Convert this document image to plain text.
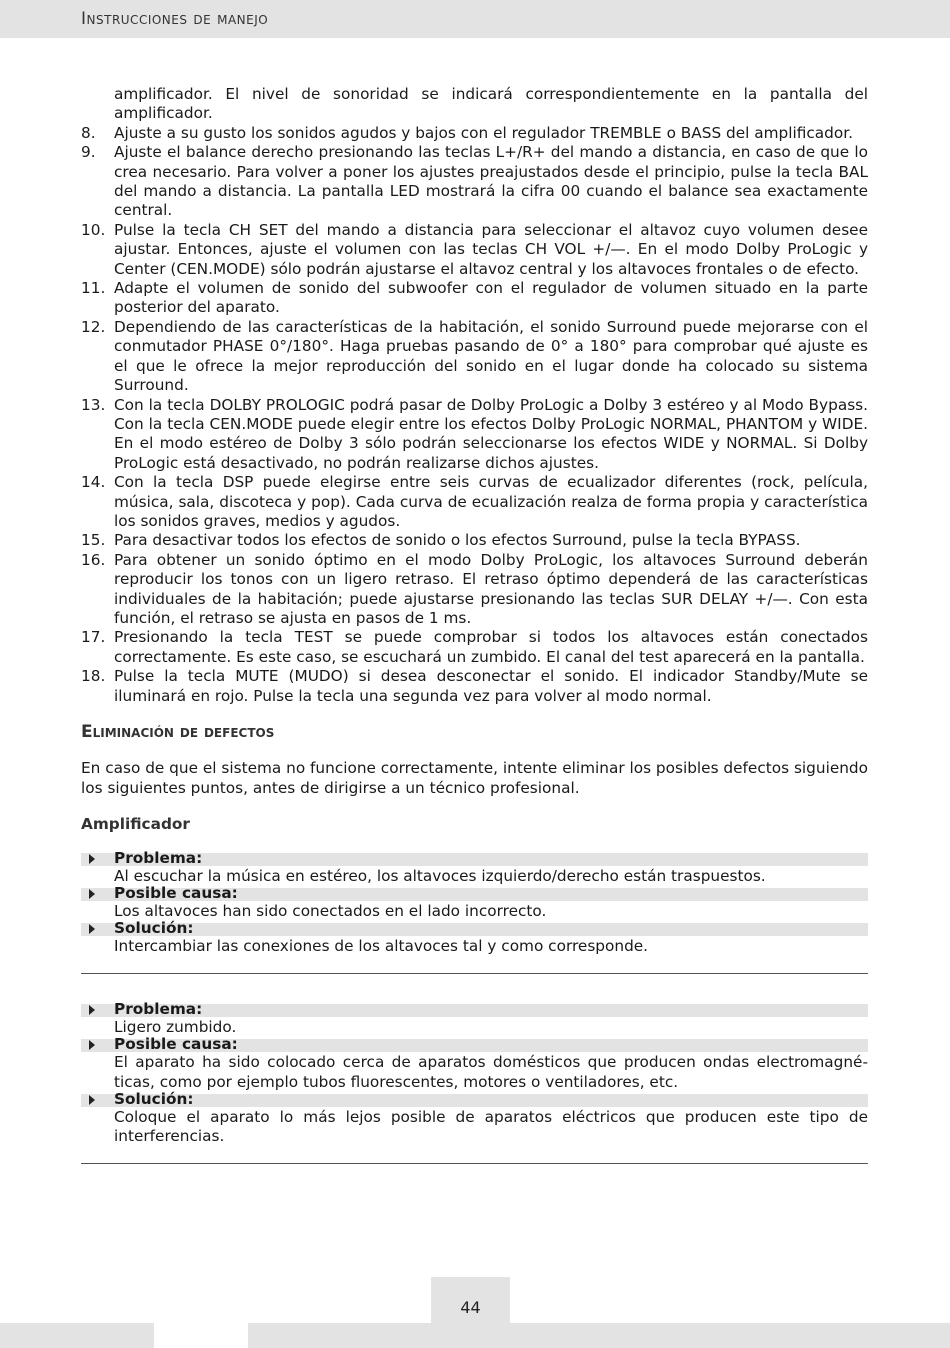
Instrucciones de manejo
amplificador. El nivel de sonoridad se indicará correspondientemente en la pantalla del amplificador.
8. Ajuste a su gusto los sonidos agudos y bajos con el regulador TREMBLE o BASS del amplificador.
9. Ajuste el balance derecho presionando las teclas L+/R+ del mando a distancia, en caso de que lo crea necesario. Para volver a poner los ajustes preajustados desde el principio, pulse la tecla BAL del mando a distancia. La pantalla LED mostrará la cifra 00 cuando el balance sea exactamente central.
10. Pulse la tecla CH SET del mando a distancia para seleccionar el altavoz cuyo volumen desee ajustar. Entonces, ajuste el volumen con las teclas CH VOL +/—. En el modo Dolby ProLogic y Center (CEN.MODE) sólo podrán ajustarse el altavoz central y los altavoces frontales o de efecto.
11. Adapte el volumen de sonido del subwoofer con el regulador de volumen situado en la parte posterior del aparato.
12. Dependiendo de las características de la habitación, el sonido Surround puede mejorarse con el conmutador PHASE 0°/180°. Haga pruebas pasando de 0° a 180° para comprobar qué ajuste es el que le ofrece la mejor reproducción del sonido en el lugar donde ha colocado su sistema Surround.
13. Con la tecla DOLBY PROLOGIC podrá pasar de Dolby ProLogic a Dolby 3 estéreo y al Modo Bypass. Con la tecla CEN.MODE puede elegir entre los efectos Dolby ProLogic NORMAL, PHANTOM y WIDE. En el modo estéreo de Dolby 3 sólo podrán seleccionarse los efectos WIDE y NORMAL. Si Dolby ProLogic está desactivado, no podrán realizarse dichos ajustes.
14. Con la tecla DSP puede elegirse entre seis curvas de ecualizador diferentes (rock, película, música, sala, discoteca y pop). Cada curva de ecualización realza de forma propia y característica los sonidos graves, medios y agudos.
15. Para desactivar todos los efectos de sonido o los efectos Surround, pulse la tecla BYPASS.
16. Para obtener un sonido óptimo en el modo Dolby ProLogic, los altavoces Surround deberán reproducir los tonos con un ligero retraso. El retraso óptimo dependerá de las características individuales de la habitación; puede ajustarse presionando las teclas SUR DELAY +/—. Con esta función, el retraso se ajusta en pasos de 1 ms.
17. Presionando la tecla TEST se puede comprobar si todos los altavoces están conectados correctamente. Es este caso, se escuchará un zumbido. El canal del test aparecerá en la pantalla.
18. Pulse la tecla MUTE (MUDO) si desea desconectar el sonido. El indicador Standby/Mute se iluminará en rojo. Pulse la tecla una segunda vez para volver al modo normal.
Eliminación de defectos
En caso de que el sistema no funcione correctamente, intente eliminar los posibles defectos siguiendo los siguientes puntos, antes de dirigirse a un técnico profesional.
Amplificador
Problema:
Al escuchar la música en estéreo, los altavoces izquierdo/derecho están traspuestos.
Posible causa:
Los altavoces han sido conectados en el lado incorrecto.
Solución:
Intercambiar las conexiones de los altavoces tal y como corresponde.
Problema:
Ligero zumbido.
Posible causa:
El aparato ha sido colocado cerca de aparatos domésticos que producen ondas electromagnéticas, como por ejemplo tubos fluorescentes, motores o ventiladores, etc.
Solución:
Coloque el aparato lo más lejos posible de aparatos eléctricos que producen este tipo de interferencias.
44
